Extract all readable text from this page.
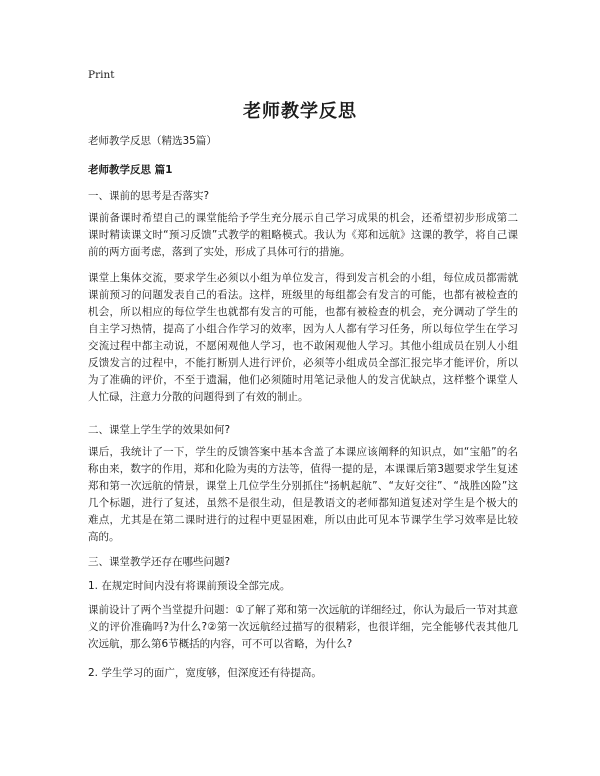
Print
老师教学反思
老师教学反思（精选35篇）
老师教学反思 篇1
一、课前的思考是否落实?
课前备课时希望自己的课堂能给予学生充分展示自己学习成果的机会，还希望初步形成第二课时精读课文时“预习反馈”式教学的粗略模式。我认为《郑和远航》这课的教学，将自己课前的两方面考虑，落到了实处，形成了具体可行的措施。
课堂上集体交流，要求学生必须以小组为单位发言，得到发言机会的小组，每位成员都需就课前预习的问题发表自己的看法。这样，班级里的每组都会有发言的可能，也都有被检查的机会，所以相应的每位学生也就都有发言的可能，也都有被检查的机会，充分调动了学生的自主学习热情，提高了小组合作学习的效率，因为人人都有学习任务，所以每位学生在学习交流过程中都主动说，不愿闲观他人学习，也不敢闲观他人学习。其他小组成员在别人小组反馈发言的过程中，不能打断别人进行评价，必须等小组成员全部汇报完毕才能评价，所以为了准确的评价，不至于遗漏，他们必须随时用笔记录他人的发言优缺点，这样整个课堂人人忙碌，注意力分散的问题得到了有效的制止。
二、课堂上学生学的效果如何?
课后，我统计了一下，学生的反馈答案中基本含盖了本课应该阐释的知识点，如“宝船”的名称由来，数字的作用，郑和化险为夷的方法等，值得一提的是，本课课后第3题要求学生复述郑和第一次远航的情景，课堂上几位学生分别抓住“扬帆起航”、“友好交往”、“战胜凶险”这几个标题，进行了复述，虽然不是很生动，但是教语文的老师都知道复述对学生是个极大的难点，尤其是在第二课时进行的过程中更显困难，所以由此可见本节课学生学习效率是比较高的。
三、课堂教学还存在哪些问题?
1. 在规定时间内没有将课前预设全部完成。
课前设计了两个当堂提升问题：①了解了郑和第一次远航的详细经过，你认为最后一节对其意义的评价准确吗?为什么?②第一次远航经过描写的很精彩，也很详细，完全能够代表其他几次远航，那么第6节概括的内容，可不可以省略，为什么?
2. 学生学习的面广，宽度够，但深度还有待提高。
